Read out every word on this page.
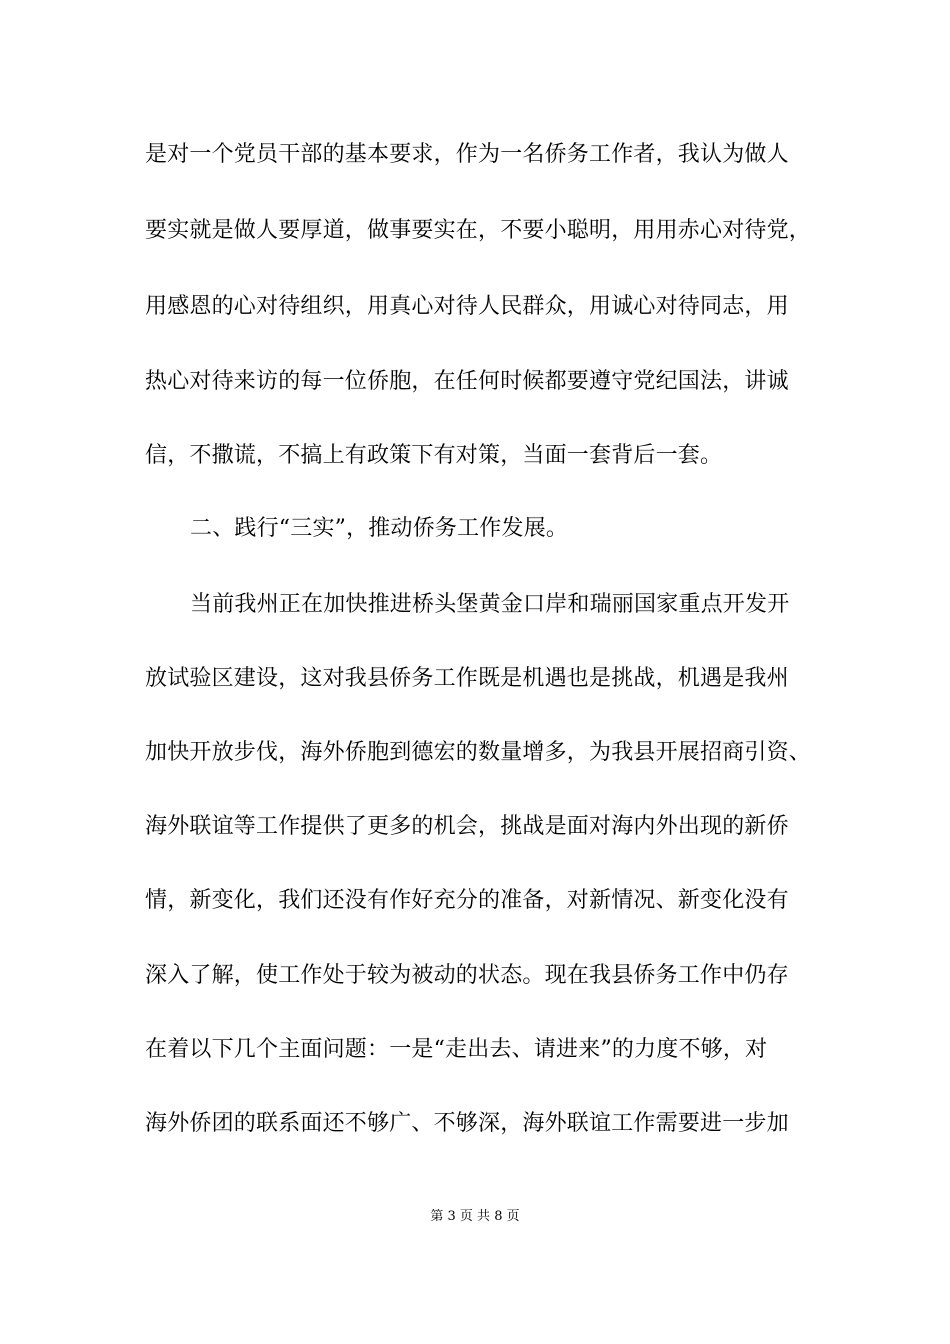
是对一个党员干部的基本要求，作为一名侨务工作者，我认为做人
要实就是做人要厚道，做事要实在，不要小聪明，用用赤心对待党，
用感恩的心对待组织，用真心对待人民群众，用诚心对待同志，用
热心对待来访的每一位侨胞，在任何时候都要遵守党纪国法，讲诚
信，不撒谎，不搞上有政策下有对策，当面一套背后一套。
二、践行“三实”，推动侨务工作发展。
当前我州正在加快推进桥头堡黄金口岸和瑞丽国家重点开发开
放试验区建设，这对我县侨务工作既是机遇也是挑战，机遇是我州
加快开放步伐，海外侨胞到德宏的数量增多，为我县开展招商引资、
海外联谊等工作提供了更多的机会，挑战是面对海内外出现的新侨
情，新变化，我们还没有作好充分的准备，对新情况、新变化没有
深入了解，使工作处于较为被动的状态。现在我县侨务工作中仍存
在着以下几个主面问题：一是“走出去、请进来”的力度不够，对
海外侨团的联系面还不够广、不够深，海外联谊工作需要进一步加
第 3 页 共 8 页
